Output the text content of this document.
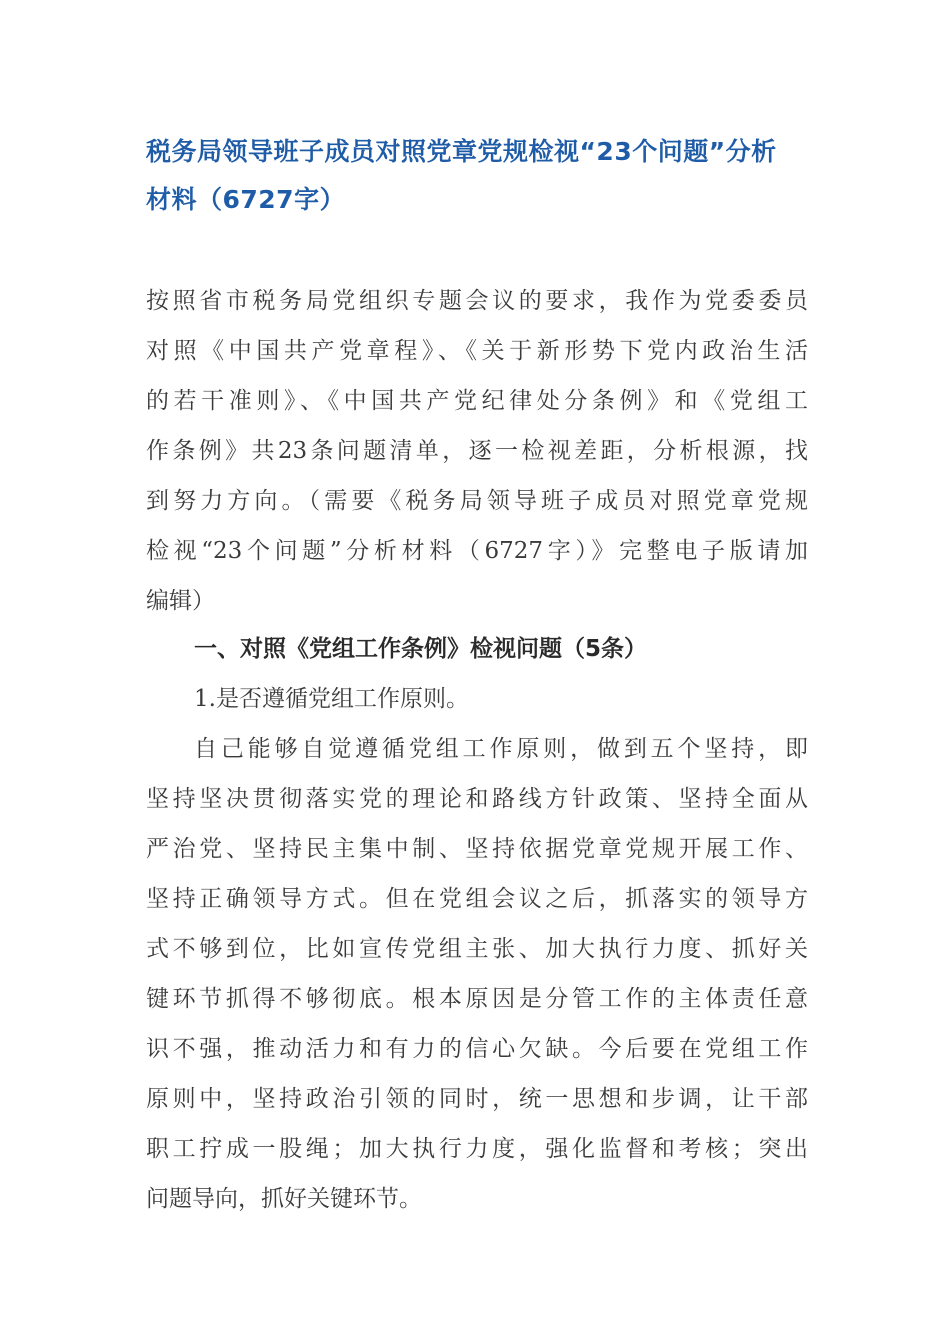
税务局领导班子成员对照党章党规检视“23个问题”分析
材料（6727字）
按照省市税务局党组织专题会议的要求，我作为党委委员
对照《中国共产党章程》、《关于新形势下党内政治生活
的若干准则》、《中国共产党纪律处分条例》和《党组工
作条例》共23条问题清单，逐一检视差距，分析根源，找
到努力方向。（需要《税务局领导班子成员对照党章党规
检视“23个问题”分析材料（6727字）》完整电子版请加
编辑）
一、对照《党组工作条例》检视问题（5条）
1.是否遵循党组工作原则。
自己能够自觉遵循党组工作原则，做到五个坚持，即
坚持坚决贯彻落实党的理论和路线方针政策、坚持全面从
严治党、坚持民主集中制、坚持依据党章党规开展工作、
坚持正确领导方式。但在党组会议之后，抓落实的领导方
式不够到位，比如宣传党组主张、加大执行力度、抓好关
键环节抓得不够彻底。根本原因是分管工作的主体责任意
识不强，推动活力和有力的信心欠缺。今后要在党组工作
原则中，坚持政治引领的同时，统一思想和步调，让干部
职工拧成一股绳；加大执行力度，强化监督和考核；突出
问题导向，抓好关键环节。
